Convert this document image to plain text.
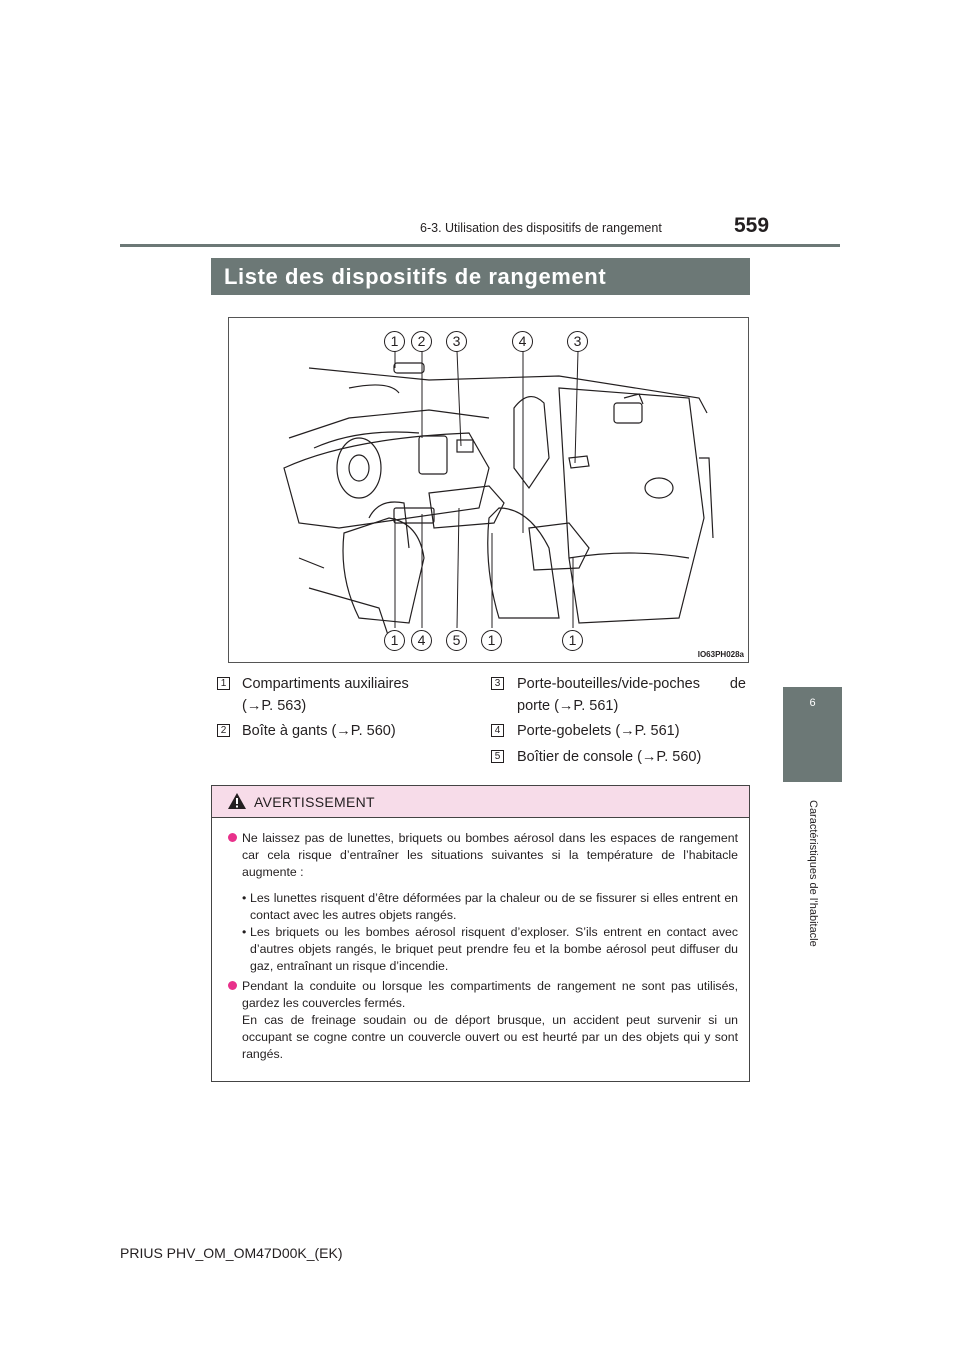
6-3. Utilisation des dispositifs de rangement	559
6
Caractéristiques de l’habitacle
Liste des dispositifs de rangement
1	2	3	4	3
1	4	5	1	1
IO63PH028a
1 Compartiments auxiliaires
(→P. 563)
2 Boîte à gants (→P. 560)
3 Porte-bouteilles/vide-poches de
porte (→P. 561)
4 Porte-gobelets (→P. 561)
5 Boîtier de console (→P. 560)
AVERTISSEMENT
Ne laissez pas de lunettes, briquets ou bombes aérosol dans les espaces de rangement car cela risque d’entraîner les situations suivantes si la température de l’habitacle augmente :
• Les lunettes risquent d’être déformées par la chaleur ou de se fissurer si elles entrent en contact avec les autres objets rangés.
• Les briquets ou les bombes aérosol risquent d’exploser. S’ils entrent en contact avec d’autres objets rangés, le briquet peut prendre feu et la bombe aérosol peut diffuser du gaz, entraînant un risque d’incendie.
Pendant la conduite ou lorsque les compartiments de rangement ne sont pas utilisés, gardez les couvercles fermés.
En cas de freinage soudain ou de déport brusque, un accident peut survenir si un occupant se cogne contre un couvercle ouvert ou est heurté par un des objets qui y sont rangés.
PRIUS PHV_OM_OM47D00K_(EK)
